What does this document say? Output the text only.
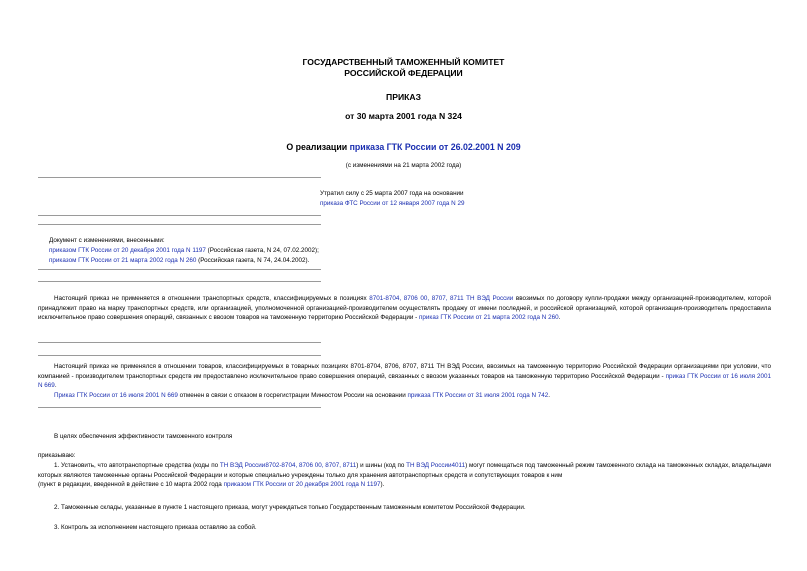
ГОСУДАРСТВЕННЫЙ ТАМОЖЕННЫЙ КОМИТЕТ
РОССИЙСКОЙ ФЕДЕРАЦИИ
ПРИКАЗ
от 30 марта 2001 года N 324
О реализации приказа ГТК России от 26.02.2001 N 209
(с изменениями на 21 марта 2002 года)
Утратил силу с 25 марта 2007 года на основании
приказа ФТС России от 12 января 2007 года N 29
Документ с изменениями, внесенными:
приказом ГТК России от 20 декабря 2001 года N 1197 (Российская газета, N 24, 07.02.2002);
приказом ГТК России от 21 марта 2002 года N 260 (Российская газета, N 74, 24.04.2002).
Настоящий приказ не применяется в отношении транспортных средств, классифицируемых в позициях 8701-8704, 8706 00, 8707, 8711 ТН ВЭД России ввозимых по договору купли-продажи между организацией-производителем, которой принадлежит право на марку транспортных средств, или организацией, уполномоченной организацией-производителем осуществлять продажу от имени последней, и российской организацией, которой организация-производитель предоставила исключительное право совершения операций, связанных с ввозом товаров на таможенную территорию Российской Федерации - приказ ГТК России от 21 марта 2002 года N 260.
Настоящий приказ не применялся в отношении товаров, классифицируемых в товарных позициях 8701-8704, 8706, 8707, 8711 ТН ВЭД России, ввозимых на таможенную территорию Российской Федерации организациями при условии, что компанией - производителем транспортных средств им предоставлено исключительное право совершения операций, связанных с ввозом указанных товаров на таможенную территорию Российской Федерации - приказ ГТК России от 16 июля 2001 N 669.
Приказ ГТК России от 16 июля 2001 N 669 отменен в связи с отказом в госрегистрации Минюстом России на основании приказа ГТК России от 31 июля 2001 года N 742.
В целях обеспечения эффективности таможенного контроля
приказываю:
1. Установить, что автотранспортные средства (коды по ТН ВЭД России8702-8704, 8706 00, 8707, 8711) и шины (код по ТН ВЭД России4011) могут помещаться под таможенный режим таможенного склада на таможенных складах, владельцами которых являются таможенные органы Российской Федерации и которые специально учреждены только для хранения автотранспортных средств и сопутствующих товаров к ним
(пункт в редакции, введенной в действие с 10 марта 2002 года приказом ГТК России от 20 декабря 2001 года N 1197).
2. Таможенные склады, указанные в пункте 1 настоящего приказа, могут учреждаться только Государственным таможенным комитетом Российской Федерации.
3. Контроль за исполнением настоящего приказа оставляю за собой.
